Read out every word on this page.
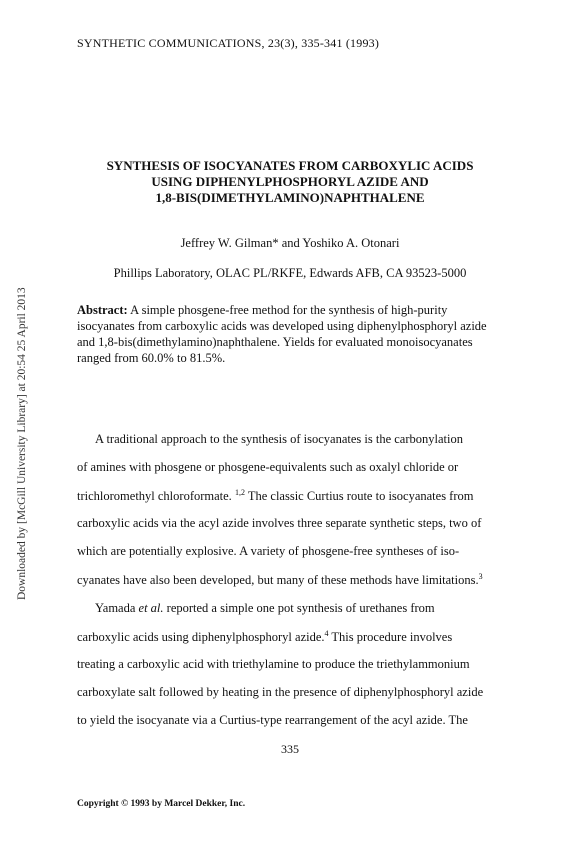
Downloaded by [McGill University Library] at 20:54 25 April 2013
SYNTHETIC COMMUNICATIONS, 23(3), 335-341 (1993)
SYNTHESIS OF ISOCYANATES FROM CARBOXYLIC ACIDS
USING DIPHENYLPHOSPHORYL AZIDE AND
1,8-BIS(DIMETHYLAMINO)NAPHTHALENE
Jeffrey W. Gilman* and Yoshiko A. Otonari
Phillips Laboratory, OLAC PL/RKFE, Edwards AFB, CA 93523-5000
Abstract: A simple phosgene-free method for the synthesis of high-purity isocyanates from carboxylic acids was developed using diphenylphosphoryl azide and 1,8-bis(dimethylamino)naphthalene. Yields for evaluated monoisocyanates ranged from 60.0% to 81.5%.
A traditional approach to the synthesis of isocyanates is the carbonylation
of amines with phosgene or phosgene-equivalents such as oxalyl chloride or
trichloromethyl chloroformate. $^{1,2}$ The classic Curtius route to isocyanates from
carboxylic acids via the acyl azide involves three separate synthetic steps, two of
which are potentially explosive. A variety of phosgene-free syntheses of iso-
cyanates have also been developed, but many of these methods have limitations.$^3$
Yamada et al. reported a simple one pot synthesis of urethanes from
carboxylic acids using diphenylphosphoryl azide.$^4$ This procedure involves
treating a carboxylic acid with triethylamine to produce the triethylammonium
carboxylate salt followed by heating in the presence of diphenylphosphoryl azide
to yield the isocyanate via a Curtius-type rearrangement of the acyl azide. The
335
Copyright © 1993 by Marcel Dekker, Inc.
